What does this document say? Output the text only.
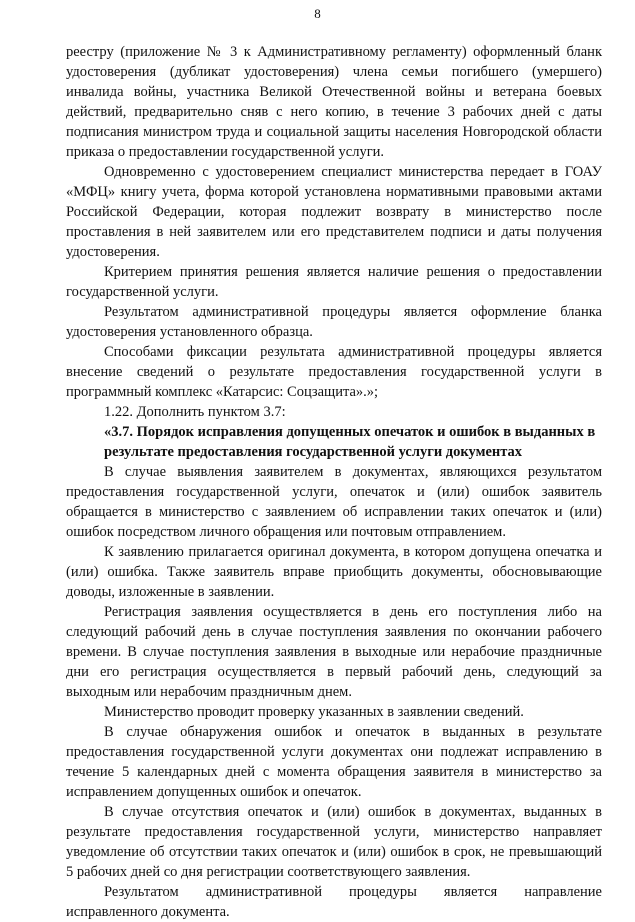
8

реестру (приложение № 3 к Административному регламенту) оформленный бланк удостоверения (дубликат удостоверения) члена семьи погибшего (умершего) инвалида войны, участника Великой Отечественной войны и ветерана боевых действий, предварительно сняв с него копию, в течение 3 рабочих дней с даты подписания министром труда и социальной защиты населения Новгородской области приказа о предоставлении государственной услуги.

Одновременно с удостоверением специалист министерства передает в ГОАУ «МФЦ» книгу учета, форма которой установлена нормативными правовыми актами Российской Федерации, которая подлежит возврату в министерство после проставления в ней заявителем или его представителем подписи и даты получения удостоверения.

Критерием принятия решения является наличие решения о предоставлении государственной услуги.

Результатом административной процедуры является оформление бланка удостоверения установленного образца.

Способами фиксации результата административной процедуры является внесение сведений о результате предоставления государственной услуги в программный комплекс «Катарсис: Соцзащита».»;

1.22. Дополнить пунктом 3.7:

«3.7. Порядок исправления допущенных опечаток и ошибок в выданных в результате предоставления государственной услуги документах

В случае выявления заявителем в документах, являющихся результатом предоставления государственной услуги, опечаток и (или) ошибок заявитель обращается в министерство с заявлением об исправлении таких опечаток и (или) ошибок посредством личного обращения или почтовым отправлением.

К заявлению прилагается оригинал документа, в котором допущена опечатка и (или) ошибка. Также заявитель вправе приобщить документы, обосновывающие доводы, изложенные в заявлении.

Регистрация заявления осуществляется в день его поступления либо на следующий рабочий день в случае поступления заявления по окончании рабочего времени. В случае поступления заявления в выходные или нерабочие праздничные дни его регистрация осуществляется в первый рабочий день, следующий за выходным или нерабочим праздничным днем.

Министерство проводит проверку указанных в заявлении сведений.

В случае обнаружения ошибок и опечаток в выданных в результате предоставления государственной услуги документах они подлежат исправлению в течение 5 календарных дней с момента обращения заявителя в министерство за исправлением допущенных ошибок и опечаток.

В случае отсутствия опечаток и (или) ошибок в документах, выданных в результате предоставления государственной услуги, министерство направляет уведомление об отсутствии таких опечаток и (или) ошибок в срок, не превышающий 5 рабочих дней со дня регистрации соответствующего заявления.

Результатом административной процедуры является направление исправленного документа.
